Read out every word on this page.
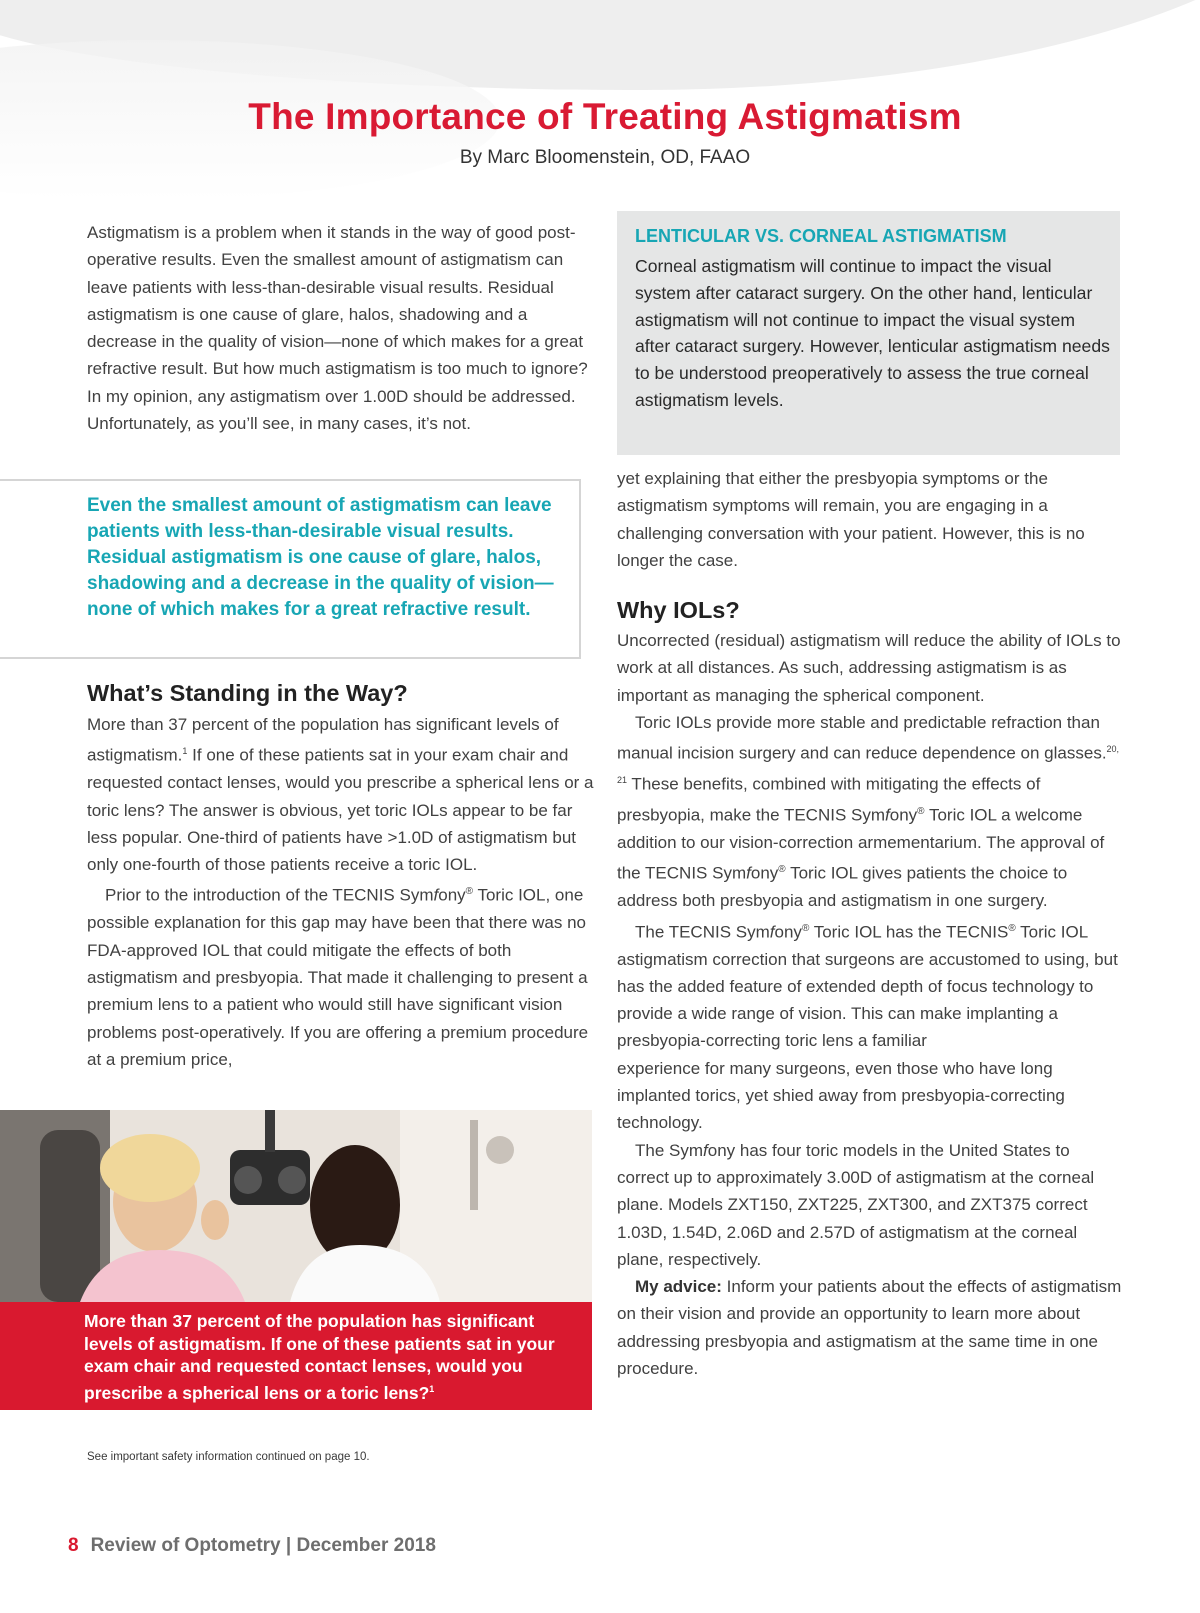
The Importance of Treating Astigmatism
By Marc Bloomenstein, OD, FAAO

Astigmatism is a problem when it stands in the way of good post-operative results. Even the smallest amount of astigmatism can leave patients with less-than-desirable visual results. Residual astigmatism is one cause of glare, halos, shadowing and a decrease in the quality of vision—none of which makes for a great refractive result. But how much astigmatism is too much to ignore? In my opinion, any astigmatism over 1.00D should be addressed. Unfortunately, as you’ll see, in many cases, it’s not.

Even the smallest amount of astigmatism can leave patients with less-than-desirable visual results. Residual astigmatism is one cause of glare, halos, shadowing and a decrease in the quality of vision—none of which makes for a great refractive result.
What’s Standing in the Way?

More than 37 percent of the population has significant levels of astigmatism.$^1$ If one of these patients sat in your exam chair and requested contact lenses, would you prescribe a spherical lens or a toric lens? The answer is obvious, yet toric IOLs appear to be far less popular. One-third of patients have >1.0D of astigmatism but only one-fourth of those patients receive a toric IOL.

Prior to the introduction of the TECNIS Symfony® Toric IOL, one possible explanation for this gap may have been that there was no FDA-approved IOL that could mitigate the effects of both astigmatism and presbyopia. That made it challenging to present a premium lens to a patient who would still have significant vision problems post-operatively. If you are offering a premium procedure at a premium price,

More than 37 percent of the population has significant levels of astigmatism. If one of these patients sat in your exam chair and requested contact lenses, would you prescribe a spherical lens or a toric lens?$^1$
LENTICULAR VS. CORNEAL ASTIGMATISM
Corneal astigmatism will continue to impact the visual system after cataract surgery. On the other hand, lenticular astigmatism will not continue to impact the visual system after cataract surgery. However, lenticular astigmatism needs to be understood preoperatively to assess the true corneal astigmatism levels.

yet explaining that either the presbyopia symptoms or the astigmatism symptoms will remain, you are engaging in a challenging conversation with your patient. However, this is no longer the case.

Why IOLs?

Uncorrected (residual) astigmatism will reduce the ability of IOLs to work at all distances. As such, addressing astigmatism is as important as managing the spherical component.

Toric IOLs provide more stable and predictable refraction than manual incision surgery and can reduce dependence on glasses.$^{20, 21}$ These benefits, combined with mitigating the effects of presbyopia, make the TECNIS Symfony® Toric IOL a welcome addition to our vision-correction armementarium. The approval of the TECNIS Symfony® Toric IOL gives patients the choice to address both presbyopia and astigmatism in one surgery.

The TECNIS Symfony® Toric IOL has the TECNIS® Toric IOL astigmatism correction that surgeons are accustomed to using, but has the added feature of extended depth of focus technology to provide a wide range of vision. This can make implanting a presbyopia-correcting toric lens a familiar

experience for many surgeons, even those who have long implanted torics, yet shied away from presbyopia-correcting technology.

The Symfony has four toric models in the United States to correct up to approximately 3.00D of astigmatism at the corneal plane. Models ZXT150, ZXT225, ZXT300, and ZXT375 correct 1.03D, 1.54D, 2.06D and 2.57D of astigmatism at the corneal plane, respectively.

My advice: Inform your patients about the effects of astigmatism on their vision and provide an opportunity to learn more about addressing presbyopia and astigmatism at the same time in one procedure.

See important safety information continued on page 10.
8 Review of Optometry | December 2018
